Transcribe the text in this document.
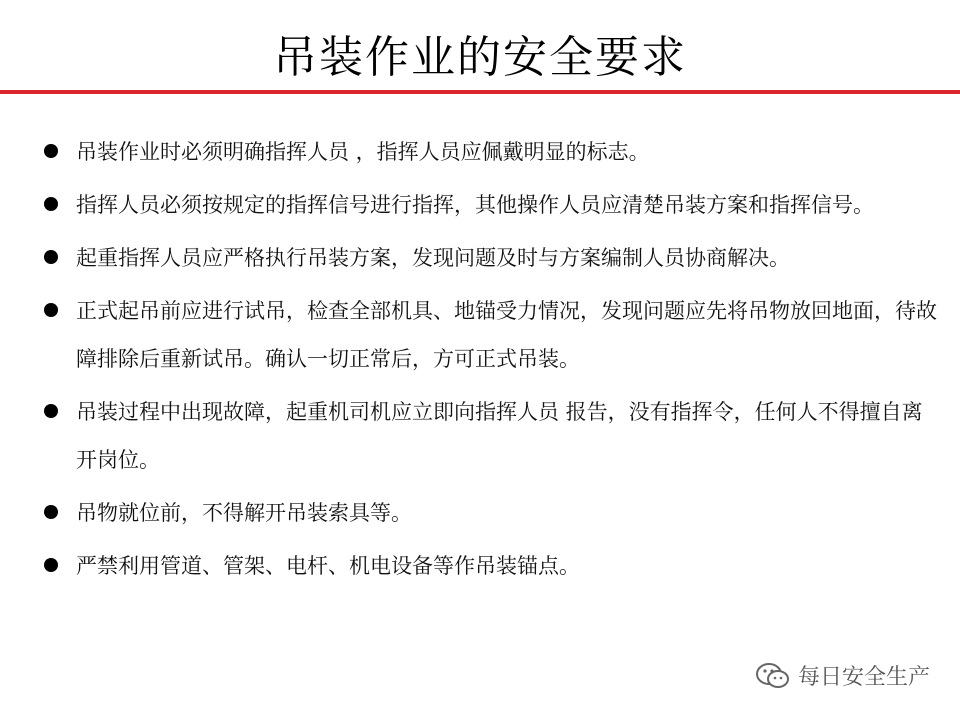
吊装作业的安全要求
吊装作业时必须明确指挥人员 ，指挥人员应佩戴明显的标志。
指挥人员必须按规定的指挥信号进行指挥，其他操作人员应清楚吊装方案和指挥信号。
起重指挥人员应严格执行吊装方案，发现问题及时与方案编制人员协商解决。
正式起吊前应进行试吊，检查全部机具、地锚受力情况，发现问题应先将吊物放回地面，待故障排除后重新试吊。确认一切正常后，方可正式吊装。
吊装过程中出现故障，起重机司机应立即向指挥人员 报告，没有指挥令，任何人不得擅自离开岗位。
吊物就位前，不得解开吊装索具等。
严禁利用管道、管架、电杆、机电设备等作吊装锚点。
每日安全生产
